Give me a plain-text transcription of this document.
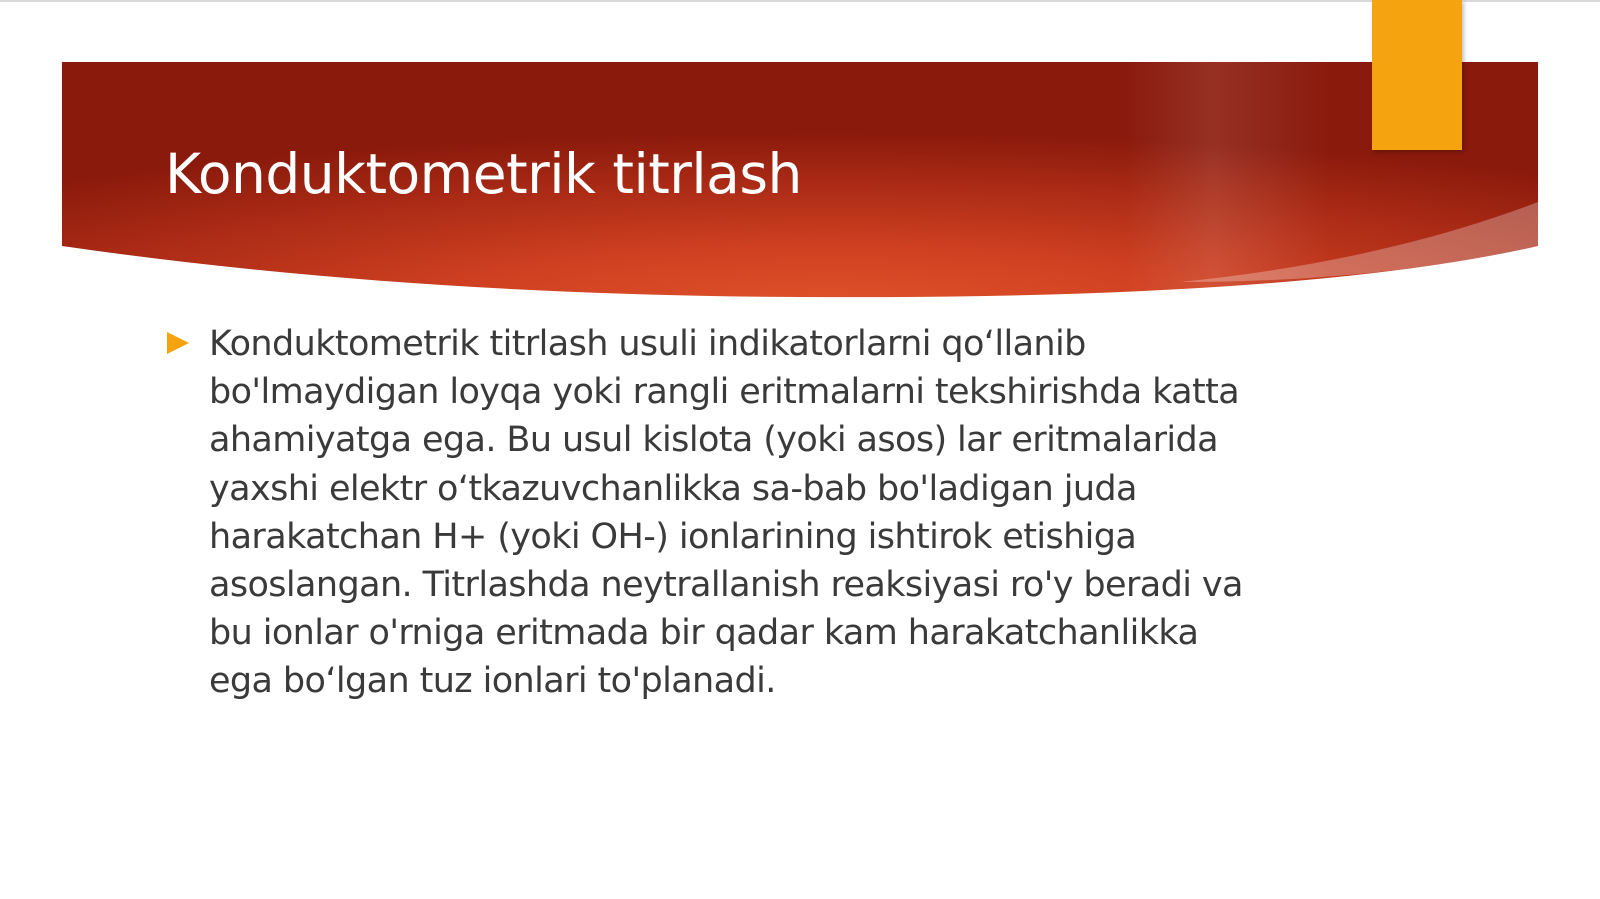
Konduktometrik titrlash

Konduktometrik titrlash usuli indikatorlarni qo‘llanib
bo'lmaydigan loyqa yoki rangli eritmalarni tekshirishda katta
ahamiyatga ega. Bu usul kislota (yoki asos) lar eritmalarida
yaxshi elektr o‘tkazuvchanlikka sa-bab bo'ladigan juda
harakatchan H+ (yoki OH-) ionlarining ishtirok etishiga
asoslangan. Titrlashda neytrallanish reaksiyasi ro'y beradi va
bu ionlar o'rniga eritmada bir qadar kam harakatchanlikka
ega bo‘lgan tuz ionlari to'planadi.
